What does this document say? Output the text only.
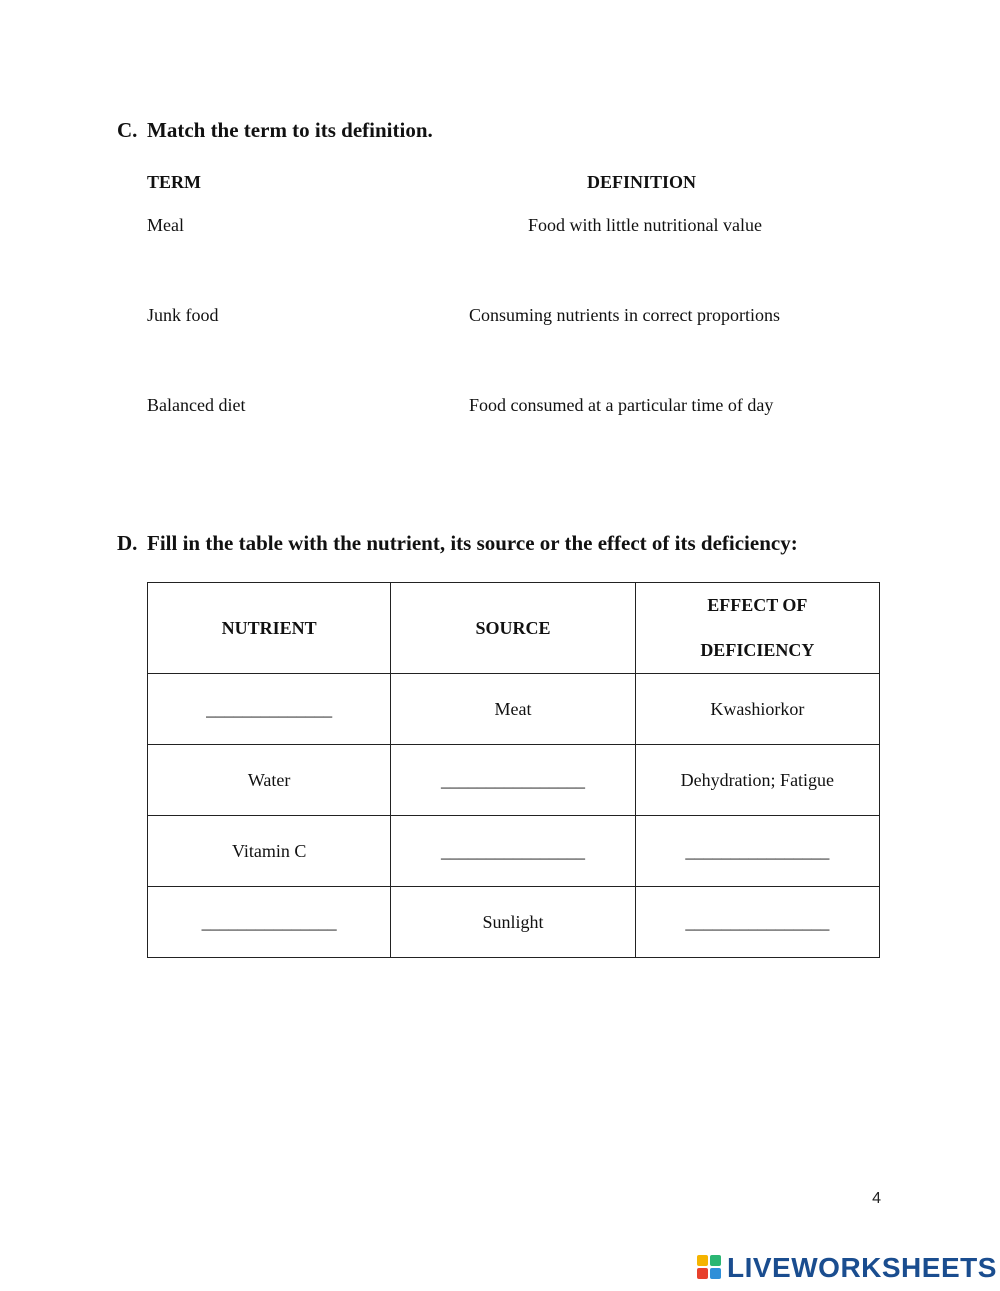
C. Match the term to its definition.
TERM	DEFINITION
Meal	Food with little nutritional value
Junk food	Consuming nutrients in correct proportions
Balanced diet	Food consumed at a particular time of day
D. Fill in the table with the nutrient, its source or the effect of its deficiency:
NUTRIENT	SOURCE	EFFECT OF
DEFICIENCY

______________	Meat	Kwashiorkor
Water	________________	Dehydration; Fatigue
Vitamin C	________________	________________
_______________	Sunlight	________________
4
LIVEWORKSHEETS
